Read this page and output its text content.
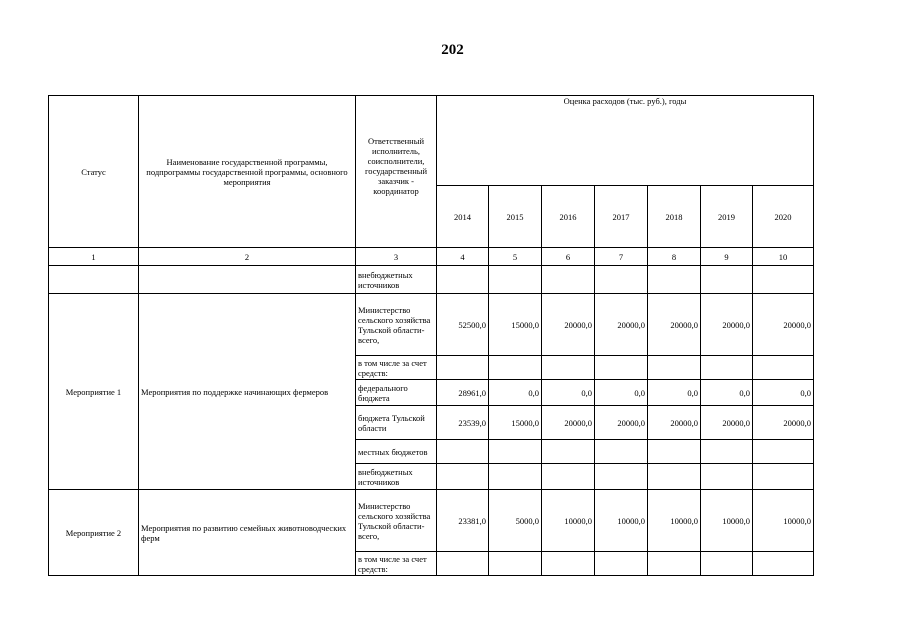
202
Статус	Наименование государственной программы, подпрограммы государственной программы, основного мероприятия	Ответственный исполнитель, соисполнители, государственный заказчик - координатор	Оценка расходов (тыс. руб.), годы						
			2014	2015	2016	2017	2018	2019	2020
1	2	3	4	5	6	7	8	9	10
		внебюджетных источников							
Мероприятие 1	Мероприятия по поддержке начинающих фермеров	Министерство сельского хозяйства Тульской области- всего,	52500,0	15000,0	20000,0	20000,0	20000,0	20000,0	20000,0
		в том числе за счет средств:							
		федерального бюджета	28961,0	0,0	0,0	0,0	0,0	0,0	0,0
		бюджета Тульской области	23539,0	15000,0	20000,0	20000,0	20000,0	20000,0	20000,0
		местных бюджетов							
		внебюджетных источников							
Мероприятие 2	Мероприятия по развитию семейных животноводческих ферм	Министерство сельского хозяйства Тульской области- всего,	23381,0	5000,0	10000,0	10000,0	10000,0	10000,0	10000,0
		в том числе за счет средств:							
